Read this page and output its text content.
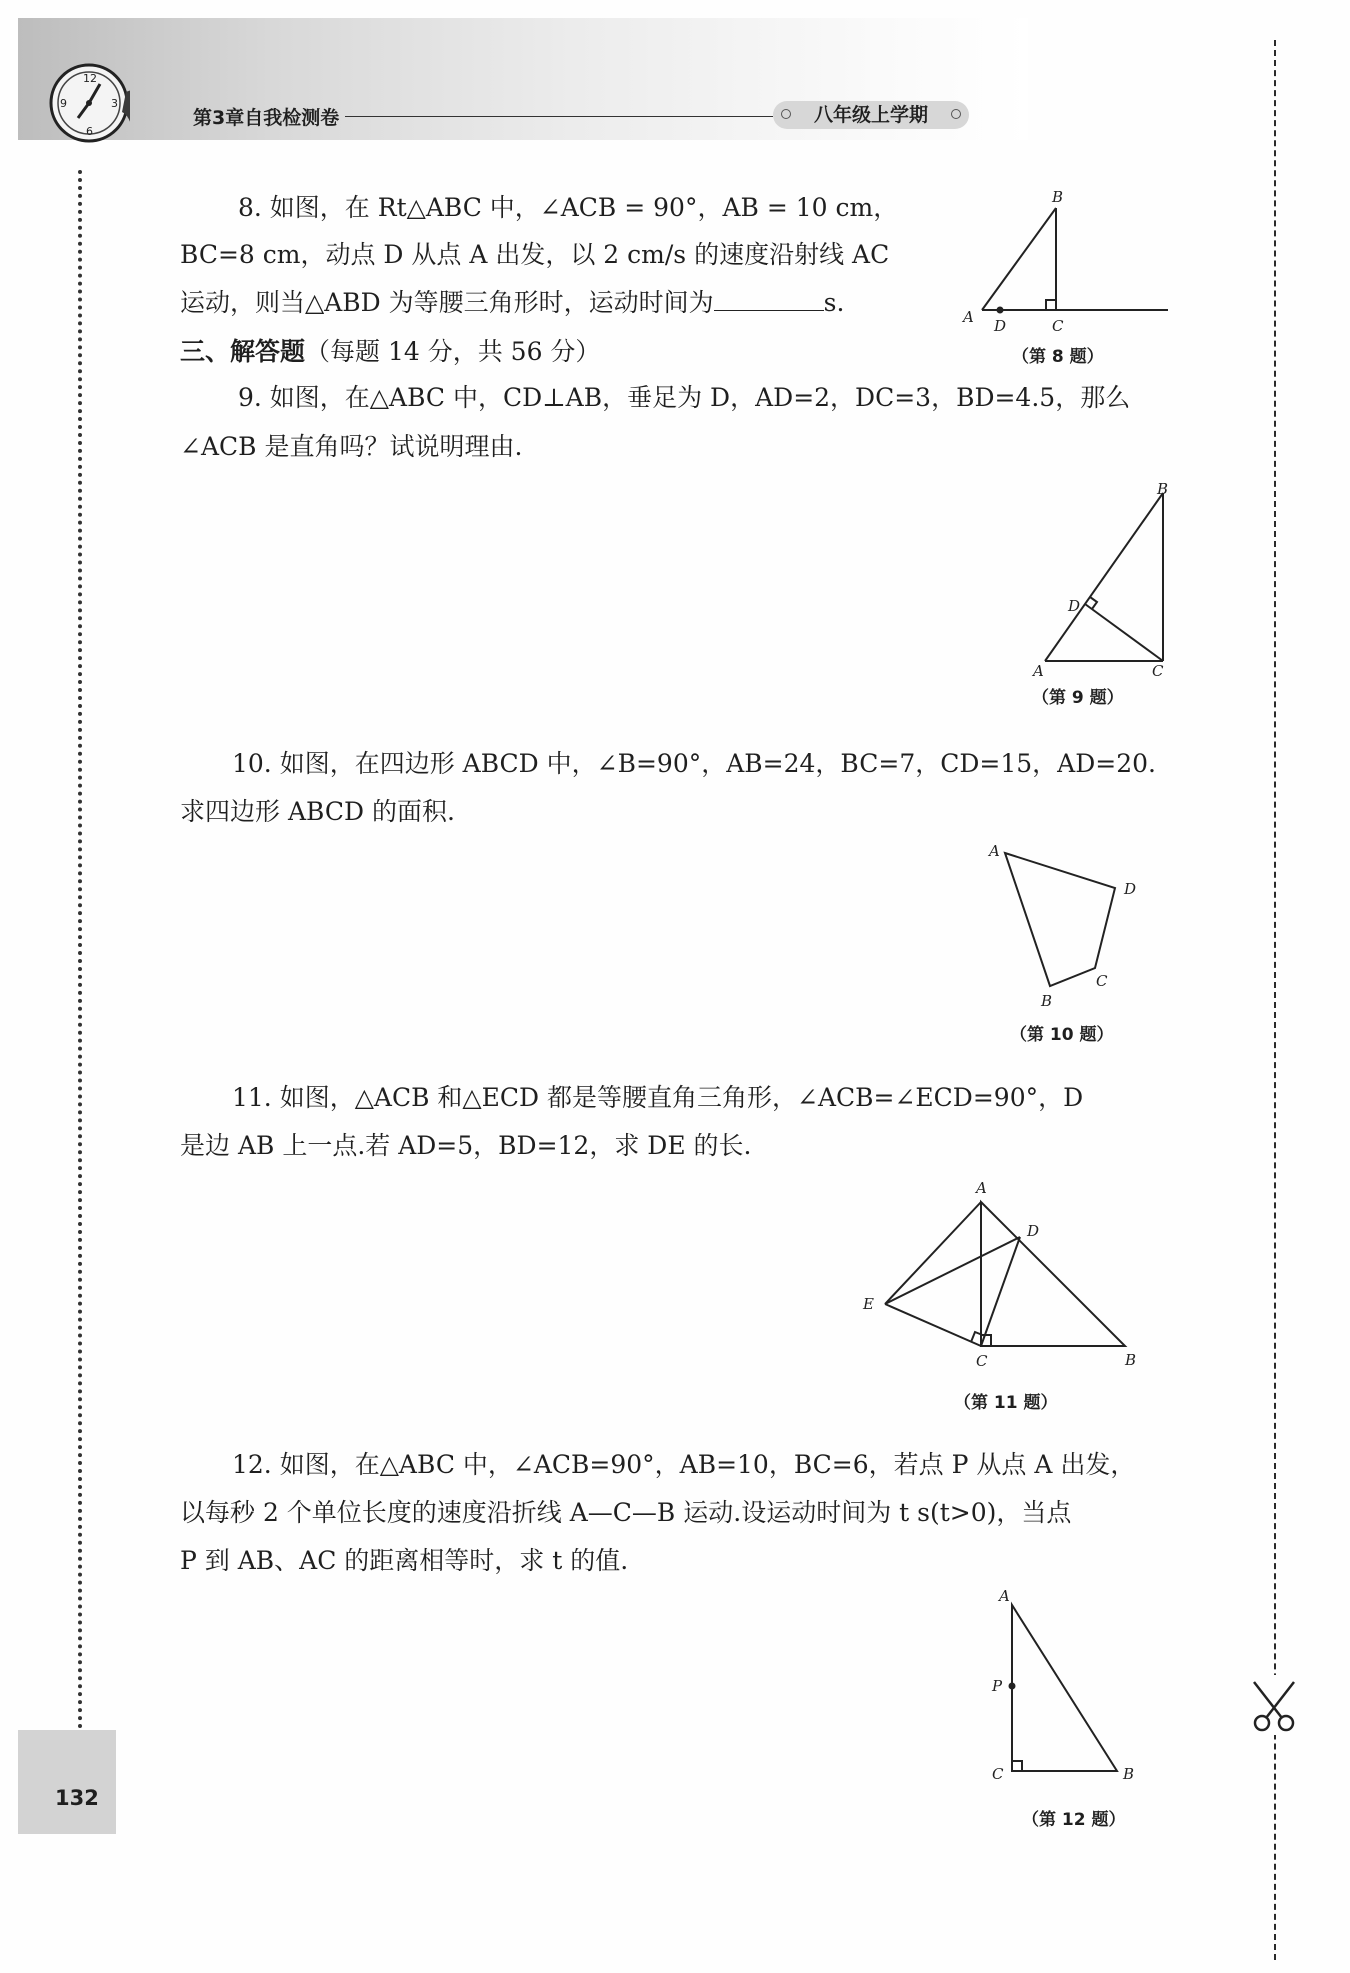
12
3
6
9
第3章自我检测卷	八年级上学期
132
8. 如图，在 Rt△ABC 中，∠ACB = 90°，AB = 10 cm，
BC=8 cm，动点 D 从点 A 出发，以 2 cm/s 的速度沿射线 AC
运动，则当△ABD 为等腰三角形时，运动时间为	s.	A
B
C
D
（第 8 题）
三、解答题（每题 14 分，共 56 分）
9. 如图，在△ABC 中，CD⊥AB，垂足为 D，AD=2，DC=3，BD=4.5，那么
∠ACB 是直角吗？试说明理由.
A
B
C
D
（第 9 题）
10. 如图，在四边形 ABCD 中，∠B=90°，AB=24，BC=7，CD=15，AD=20.
求四边形 ABCD 的面积.
A
B
C
D
（第 10 题）
11. 如图，△ACB 和△ECD 都是等腰直角三角形，∠ACB=∠ECD=90°，D
是边 AB 上一点.若 AD=5，BD=12，求 DE 的长.
A
B
C
D
E
（第 11 题）
12. 如图，在△ABC 中，∠ACB=90°，AB=10，BC=6，若点 P 从点 A 出发，
以每秒 2 个单位长度的速度沿折线 A—C—B 运动.设运动时间为 t s(t>0)，当点
P 到 AB、AC 的距离相等时，求 t 的值.
A
B
C
P
（第 12 题）
